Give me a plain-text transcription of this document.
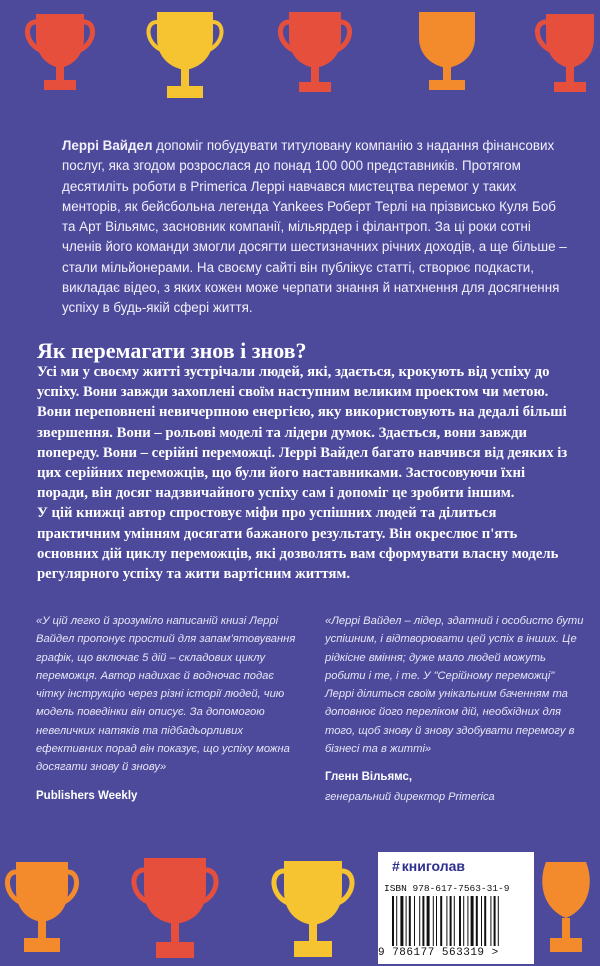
Леррі Вайдел допоміг побудувати титуловану компанію з надання фінансових послуг, яка згодом розрослася до понад 100 000 представників. Протягом десятиліть роботи в Primerica Леррі навчався мистецтва перемог у таких менторів, як бейсбольна легенда Yankees Роберт Терлі на прізвисько Куля Боб та Арт Вільямс, засновник компанії, мільярдер і філантроп. За ці роки сотні членів його команди змогли досягти шестизначних річних доходів, а ще більше – стали мільйонерами. На своєму сайті він публікує статті, створює подкасти, викладає відео, з яких кожен може черпати знання й натхнення для досягнення успіху в будь-якій сфері життя.
Як перемагати знов і знов?

Усі ми у своєму житті зустрічали людей, які, здається, крокують від успіху до успіху. Вони завжди захоплені своїм наступним великим проектом чи метою. Вони переповнені невичерпною енергією, яку використовують на дедалі більші звершення. Вони – рольові моделі та лідери думок. Здається, вони завжди попереду. Вони – серійні переможці. Леррі Вайдел багато навчився від деяких із цих серійних переможців, що були його наставниками. Застосовуючи їхні поради, він досяг надзвичайного успіху сам і допоміг це зробити іншим.

У цій книжці автор спростовує міфи про успішних людей та ділиться практичним умінням досягати бажаного результату. Він окреслює п'ять основних дій циклу переможців, які дозволять вам сформувати власну модель регулярного успіху та жити вартісним життям.

«У цій легко й зрозуміло написаній книзі Леррі Вайдел пропонує простий для запам'ятовування графік, що включає 5 дій – складових циклу переможця. Автор надихає й водночас подає чітку інструкцію через різні історії людей, чию модель поведінки він описує. За допомогою невеличких натяків та підбадьорливих ефективних порад він показує, що успіху можна досягати знову й знову»
Publishers Weekly
«Леррі Вайдел – лідер, здатний і особисто бути успішним, і відтворювати цей успіх в інших. Це рідкісне вміння; дуже мало людей можуть робити і те, і те. У "Серійному переможці" Леррі ділиться своїм унікальним баченням та доповнює його переліком дій, необхідних для того, щоб знову й знову здобувати перемогу в бізнесі та в житті»
Гленн Вільямс,
генеральний директор Primerica
# книголав
ISBN 978-617-7563-31-9
9 786177 563319 >
